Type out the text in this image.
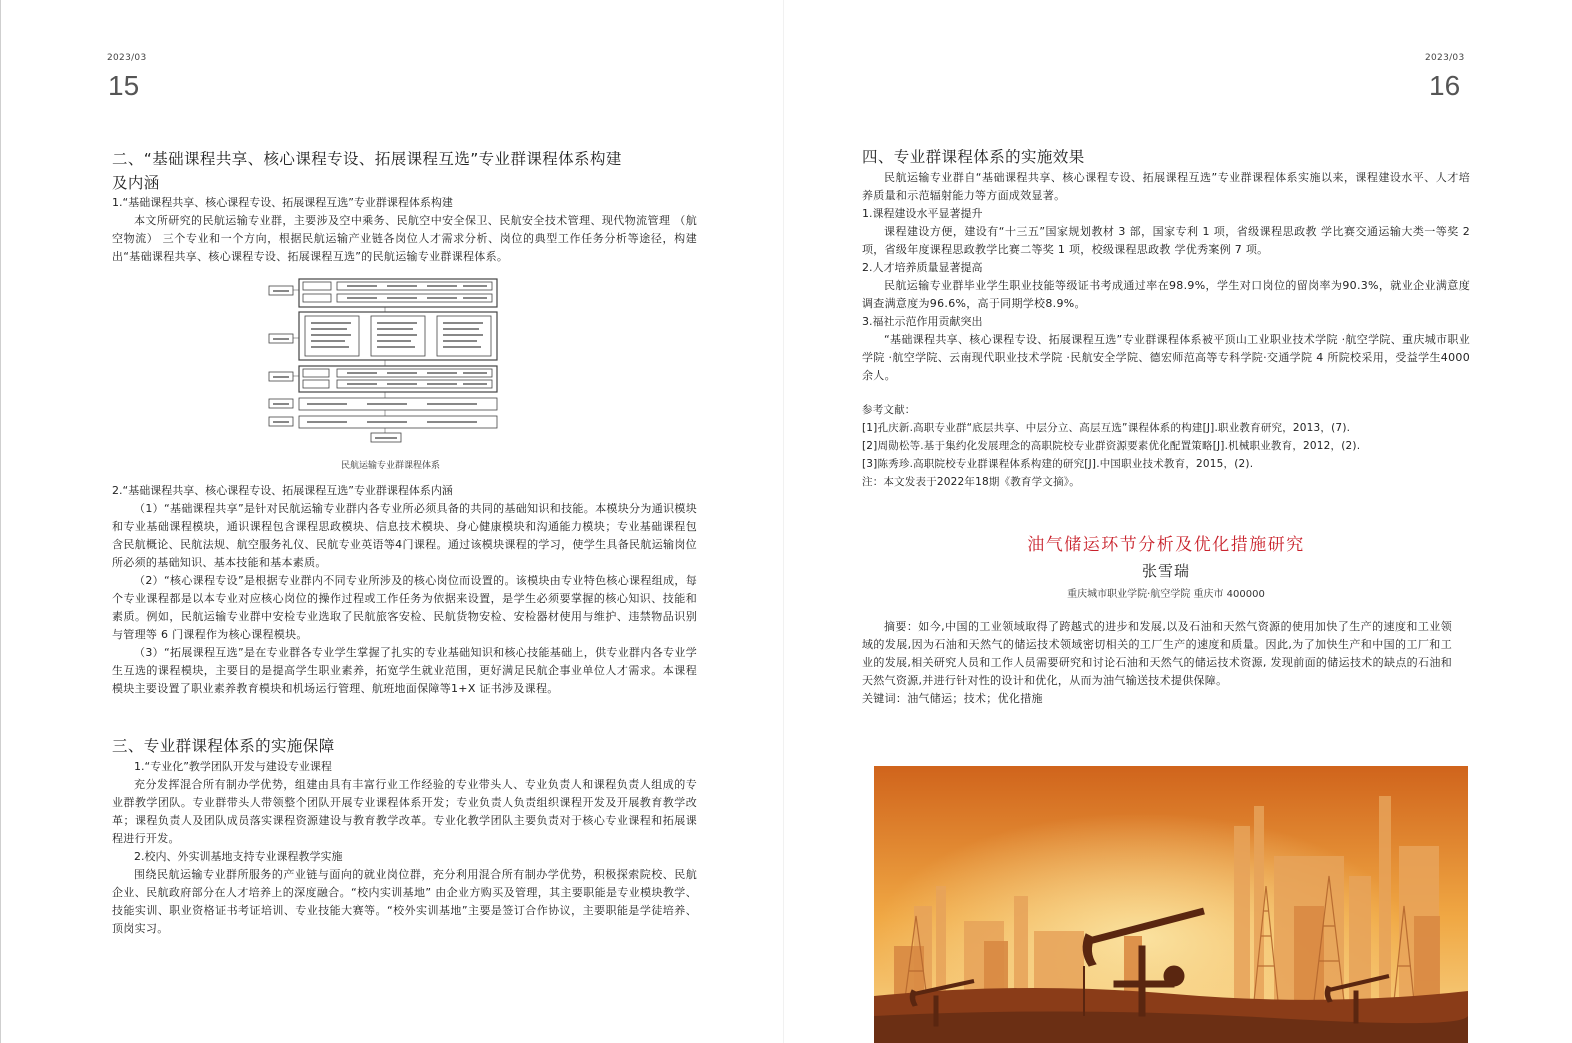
2023/03
15

二、“基础课程共享、核心课程专设、拓展课程互选”专业群课程体系构建

及内涵

1.“基础课程共享、核心课程专设、拓展课程互选”专业群课程体系构建

本文所研究的民航运输专业群，主要涉及空中乘务、民航空中安全保卫、民航安全技术管理、现代物流管理 （航空物流） 三个专业和一个方向，根据民航运输产业链各岗位人才需求分析、岗位的典型工作任务分析等途径，构建出“基础课程共享、核心课程专设、拓展课程互选”的民航运输专业群课程体系。

民航运输专业群课程体系

2.“基础课程共享、核心课程专设、拓展课程互选”专业群课程体系内涵

（1）“基础课程共享”是针对民航运输专业群内各专业所必须具备的共同的基础知识和技能。本模块分为通识模块和专业基础课程模块，通识课程包含课程思政模块、信息技术模块、身心健康模块和沟通能力模块；专业基础课程包含民航概论、民航法规、航空服务礼仪、民航专业英语等4门课程。通过该模块课程的学习，使学生具备民航运输岗位所必须的基础知识、基本技能和基本素质。

（2）“核心课程专设”是根据专业群内不同专业所涉及的核心岗位而设置的。该模块由专业特色核心课程组成，每个专业课程都是以本专业对应核心岗位的操作过程或工作任务为依据来设置，是学生必须要掌握的核心知识、技能和素质。例如，民航运输专业群中安检专业选取了民航旅客安检、民航货物安检、安检器材使用与维护、违禁物品识别与管理等 6 门课程作为核心课程模块。

（3）“拓展课程互选”是在专业群各专业学生掌握了扎实的专业基础知识和核心技能基础上，供专业群内各专业学生互选的课程模块，主要目的是提高学生职业素养，拓宽学生就业范围，更好满足民航企事业单位人才需求。本课程模块主要设置了职业素养教育模块和机场运行管理、航班地面保障等1+X 证书涉及课程。

三、专业群课程体系的实施保障

1.“专业化”教学团队开发与建设专业课程

充分发挥混合所有制办学优势，组建由具有丰富行业工作经验的专业带头人、专业负责人和课程负责人组成的专业群教学团队。专业群带头人带领整个团队开展专业课程体系开发；专业负责人负责组织课程开发及开展教育教学改革；课程负责人及团队成员落实课程资源建设与教育教学改革。专业化教学团队主要负责对于核心专业课程和拓展课程进行开发。

2.校内、外实训基地支持专业课程教学实施

围绕民航运输专业群所服务的产业链与面向的就业岗位群，充分利用混合所有制办学优势，积极探索院校、民航企业、民航政府部分在人才培养上的深度融合。“校内实训基地” 由企业方购买及管理，其主要职能是专业模块教学、技能实训、职业资格证书考证培训、专业技能大赛等。“校外实训基地”主要是签订合作协议，主要职能是学徒培养、顶岗实习。

2023/03
16

四、专业群课程体系的实施效果

民航运输专业群自“基础课程共享、核心课程专设、拓展课程互选”专业群课程体系实施以来，课程建设水平、人才培养质量和示范辐射能力等方面成效显著。

1.课程建设水平显著提升

课程建设方便，建设有“十三五”国家规划教材 3 部，国家专利 1 项，省级课程思政教 学比赛交通运输大类一等奖 2 项，省级年度课程思政教学比赛二等奖 1 项，校级课程思政教 学优秀案例 7 项。

2.人才培养质量显著提高

民航运输专业群毕业学生职业技能等级证书考成通过率在98.9%，学生对口岗位的留岗率为90.3%，就业企业满意度 调查满意度为96.6%，高于同期学校8.9%。

3.福社示范作用贡献突出

“基础课程共享、核心课程专设、拓展课程互选”专业群课程体系被平顶山工业职业技术学院 ·航空学院、重庆城市职业学院 ·航空学院、云南现代职业技术学院 ·民航安全学院、德宏师范高等专科学院·交通学院 4 所院校采用，受益学生4000余人。

参考文献：

[1]孔庆新.高职专业群“底层共享、中层分立、高层互选”课程体系的构建[J].职业教育研究，2013，(7).

[2]周勋松等.基于集约化发展理念的高职院校专业群资源要素优化配置策略[J].机械职业教育，2012，(2).

[3]陈秀珍.高职院校专业群课程体系构建的研究[J].中国职业技术教育，2015，(2).

注：本文发表于2022年18期《教育学文摘》。

油气储运环节分析及优化措施研究
张雪瑞
重庆城市职业学院·航空学院 重庆市 400000

摘要：如今,中国的工业领域取得了跨越式的进步和发展,以及石油和天然气资源的使用加快了生产的速度和工业领域的发展,因为石油和天然气的储运技术领域密切相关的工厂生产的速度和质量。因此,为了加快生产和中国的工厂和工业的发展,相关研究人员和工作人员需要研究和讨论石油和天然气的储运技术资源, 发现前面的储运技术的缺点的石油和天然气资源,并进行针对性的设计和优化，从而为油气输送技术提供保障。

关键词：油气储运；技术；优化措施
